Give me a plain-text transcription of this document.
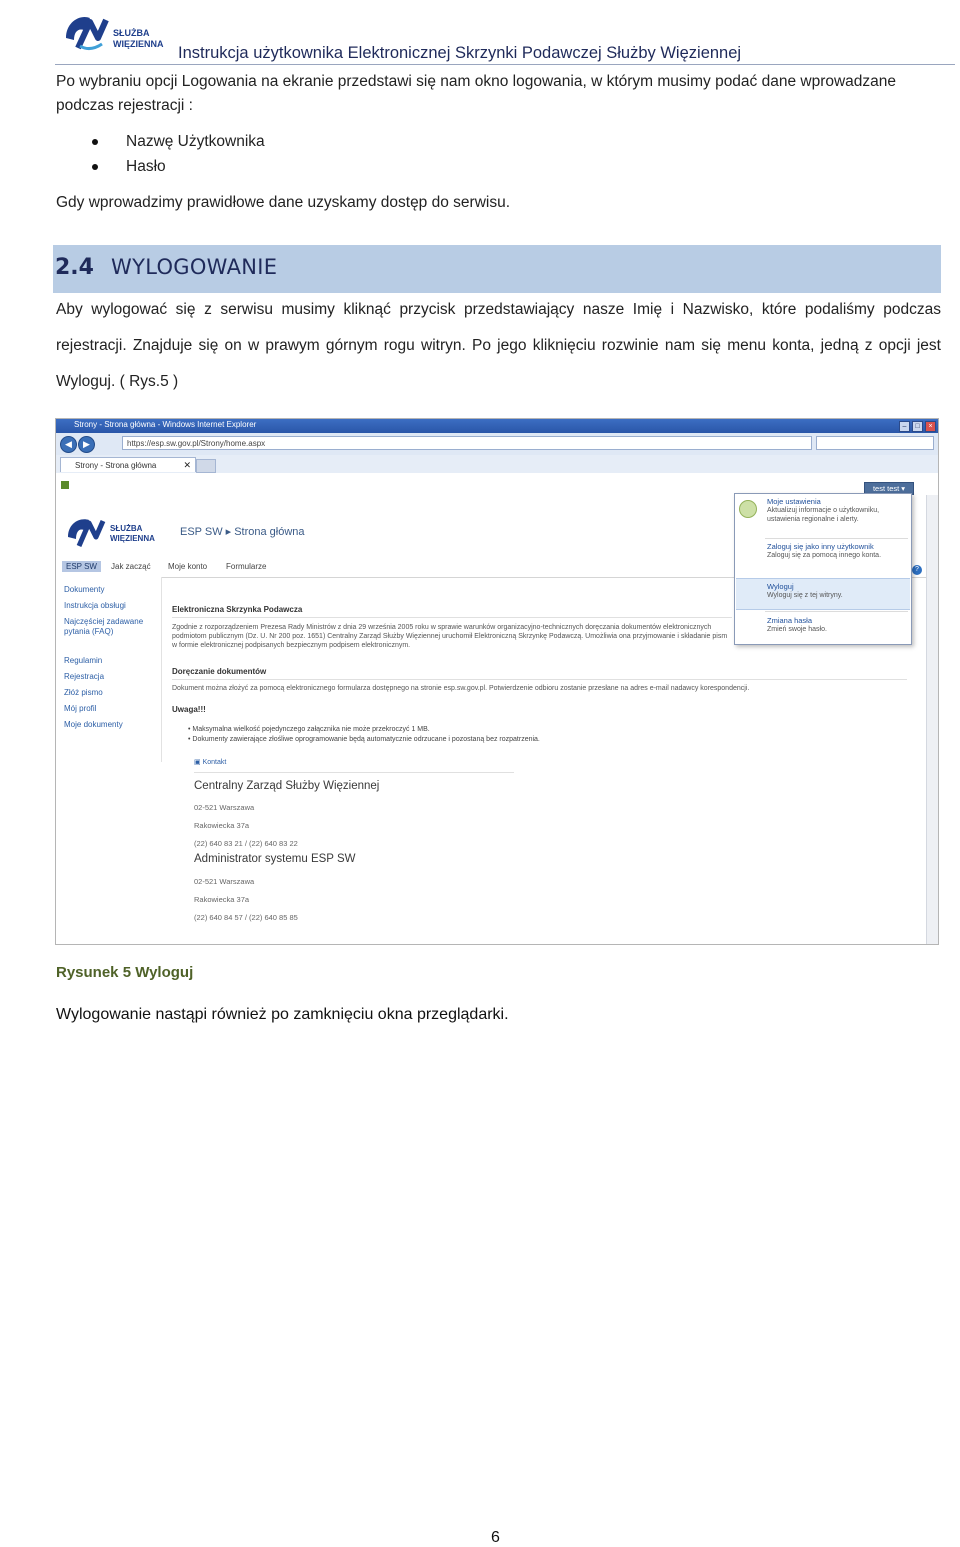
SŁUŻBA
WIĘZIENNA Instrukcja użytkownika Elektronicznej Skrzynki Podawczej Służby Więziennej
Po wybraniu opcji Logowania na ekranie przedstawi się nam okno logowania, w którym musimy podać dane wprowadzane podczas rejestracji :
Nazwę Użytkownika
Hasło
Gdy wprowadzimy prawidłowe dane uzyskamy dostęp do serwisu.
2.4 WYLOGOWANIE
Aby wylogować się z serwisu musimy kliknąć przycisk przedstawiający nasze Imię i Nazwisko, które podaliśmy podczas rejestracji. Znajduje się on w prawym górnym rogu witryn. Po jego kliknięciu rozwinie nam się menu konta, jedną z opcji jest Wyloguj. ( Rys.5 )
Strony - Strona główna - Windows Internet Explorer	–	□	×
◀	▶	https://esp.sw.gov.pl/Strony/home.aspx
Strony - Strona główna	✕
test test ▾
SŁUŻBA
WIĘZIENNA
ESP SW ▸ Strona główna
ESP SW	Jak zacząć Moje konto Formularze
Dokumenty
Instrukcja obsługi
Najczęściej zadawane pytania (FAQ)
Regulamin
Rejestracja
Złóż pismo
Mój profil
Moje dokumenty
Elektroniczna Skrzynka Podawcza
Zgodnie z rozporządzeniem Prezesa Rady Ministrów z dnia 29 września 2005 roku w sprawie warunków organizacyjno-technicznych doręczania dokumentów elektronicznych podmiotom publicznym (Dz. U. Nr 200 poz. 1651) Centralny Zarząd Służby Więziennej uruchomił Elektroniczną Skrzynkę Podawczą. Umożliwia ona przyjmowanie i składanie pism w formie elektronicznej podpisanych bezpiecznym podpisem elektronicznym.
Doręczanie dokumentów
Dokument można złożyć za pomocą elektronicznego formularza dostępnego na stronie esp.sw.gov.pl. Potwierdzenie odbioru zostanie przesłane na adres e-mail nadawcy korespondencji.
Uwaga!!!
• Maksymalna wielkość pojedynczego załącznika nie może przekroczyć 1 MB.
• Dokumenty zawierające złośliwe oprogramowanie będą automatycznie odrzucane i pozostaną bez rozpatrzenia.
▣ Kontakt
Centralny Zarząd Służby Więziennej
02-521 Warszawa
Rakowiecka 37a
(22) 640 83 21 / (22) 640 83 22
Administrator systemu ESP SW
02-521 Warszawa
Rakowiecka 37a
(22) 640 84 57 / (22) 640 85 85
?
Moje ustawienia
Aktualizuj informacje o użytkowniku, ustawienia regionalne i alerty.
Zaloguj się jako inny użytkownik
Zaloguj się za pomocą innego konta.
Wyloguj
Wyloguj się z tej witryny.
Zmiana hasła
Zmień swoje hasło.
Rysunek 5 Wyloguj
Wylogowanie nastąpi również po zamknięciu okna przeglądarki.
6
